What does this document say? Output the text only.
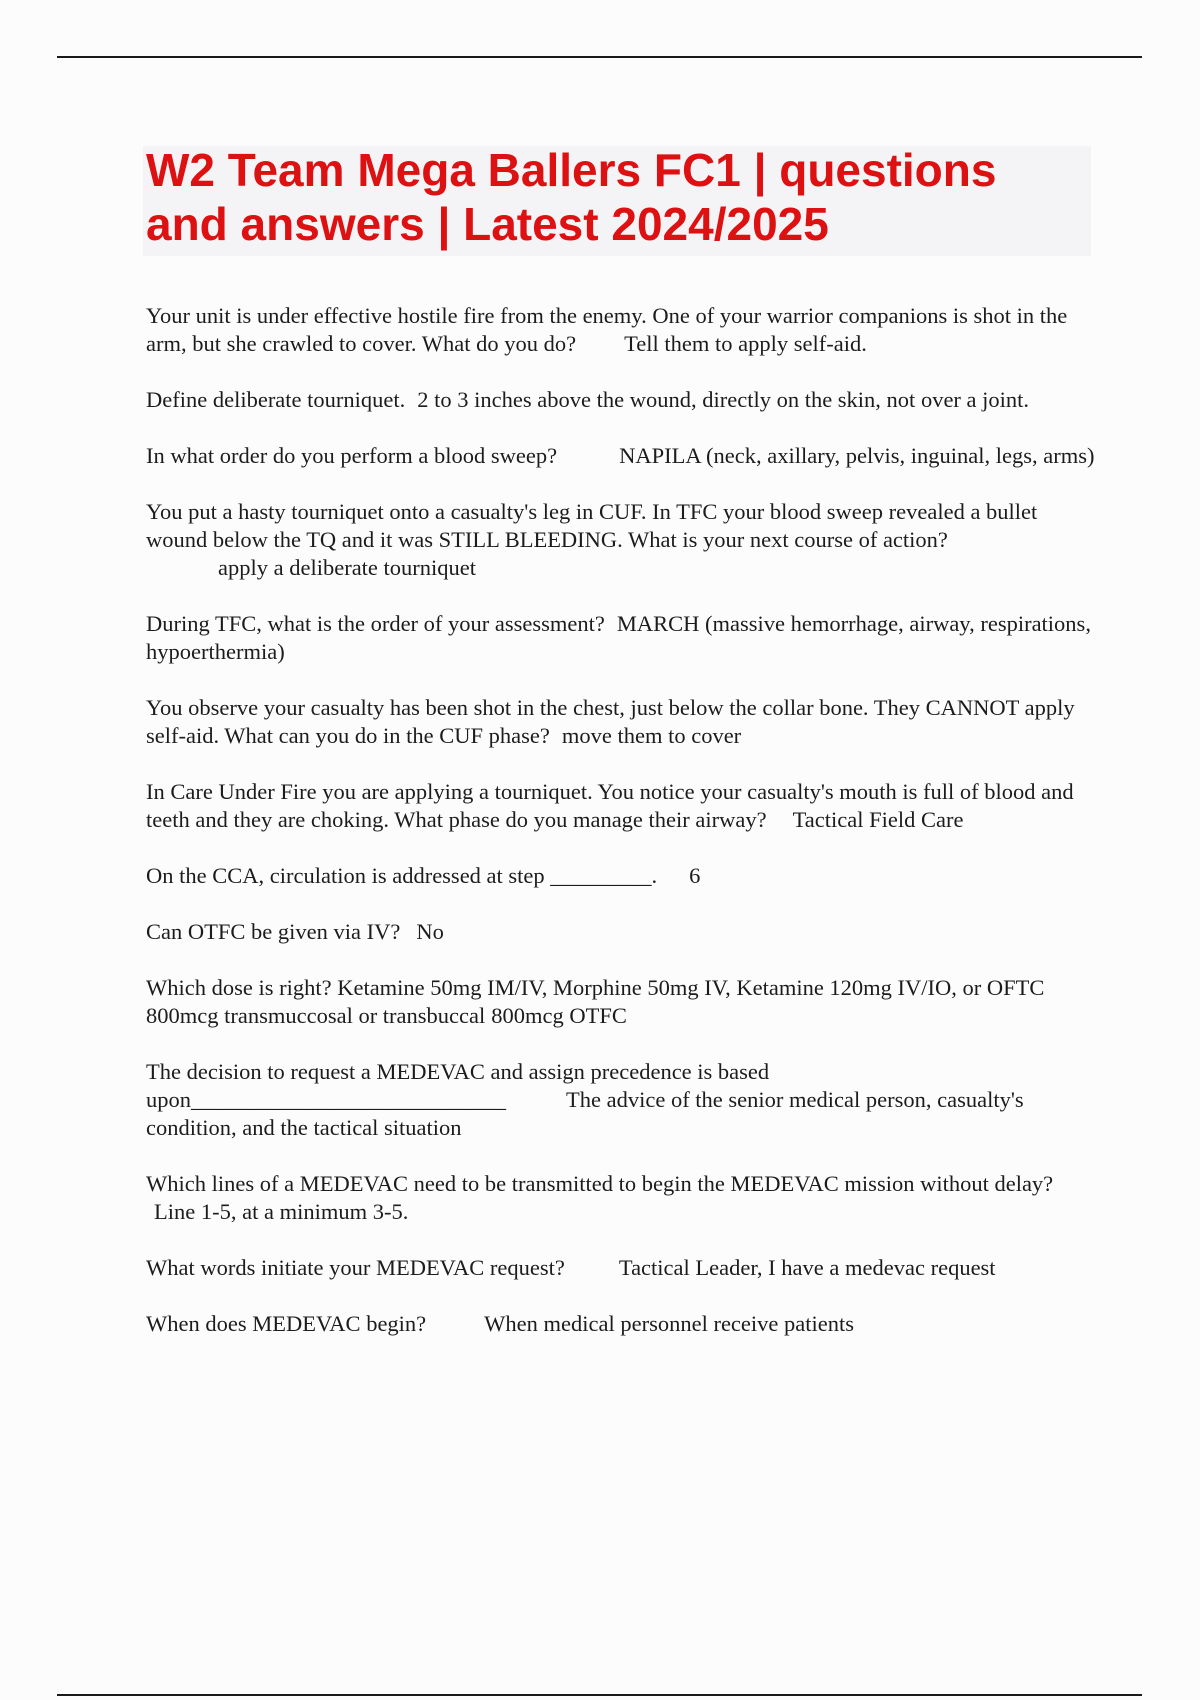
W2 Team Mega Ballers FC1 | questions and answers | Latest 2024/2025
Your unit is under effective hostile fire from the enemy. One of your warrior companions is shot in the arm, but she crawled to cover. What do you do? Tell them to apply self-aid.
Define deliberate tourniquet. 2 to 3 inches above the wound, directly on the skin, not over a joint.
In what order do you perform a blood sweep?	NAPILA (neck, axillary, pelvis, inguinal, legs, arms)
You put a hasty tourniquet onto a casualty's leg in CUF. In TFC your blood sweep revealed a bullet wound below the TQ and it was STILL BLEEDING. What is your next course of action?
apply a deliberate tourniquet
During TFC, what is the order of your assessment? MARCH (massive hemorrhage, airway, respirations, hypoerthermia)
You observe your casualty has been shot in the chest, just below the collar bone. They CANNOT apply self-aid. What can you do in the CUF phase? move them to cover
In Care Under Fire you are applying a tourniquet. You notice your casualty's mouth is full of blood and teeth and they are choking. What phase do you manage their airway? Tactical Field Care
On the CCA, circulation is addressed at step _________. 6
Can OTFC be given via IV? No
Which dose is right? Ketamine 50mg IM/IV, Morphine 50mg IV, Ketamine 120mg IV/IO, or OFTC 800mcg transmuccosal or transbuccal 800mcg OTFC
The decision to request a MEDEVAC and assign precedence is based upon____________________________	The advice of the senior medical person, casualty's condition, and the tactical situation
Which lines of a MEDEVAC need to be transmitted to begin the MEDEVAC mission without delay?Line 1-5, at a minimum 3-5.
What words initiate your MEDEVAC request? Tactical Leader, I have a medevac request
When does MEDEVAC begin?	When medical personnel receive patients
